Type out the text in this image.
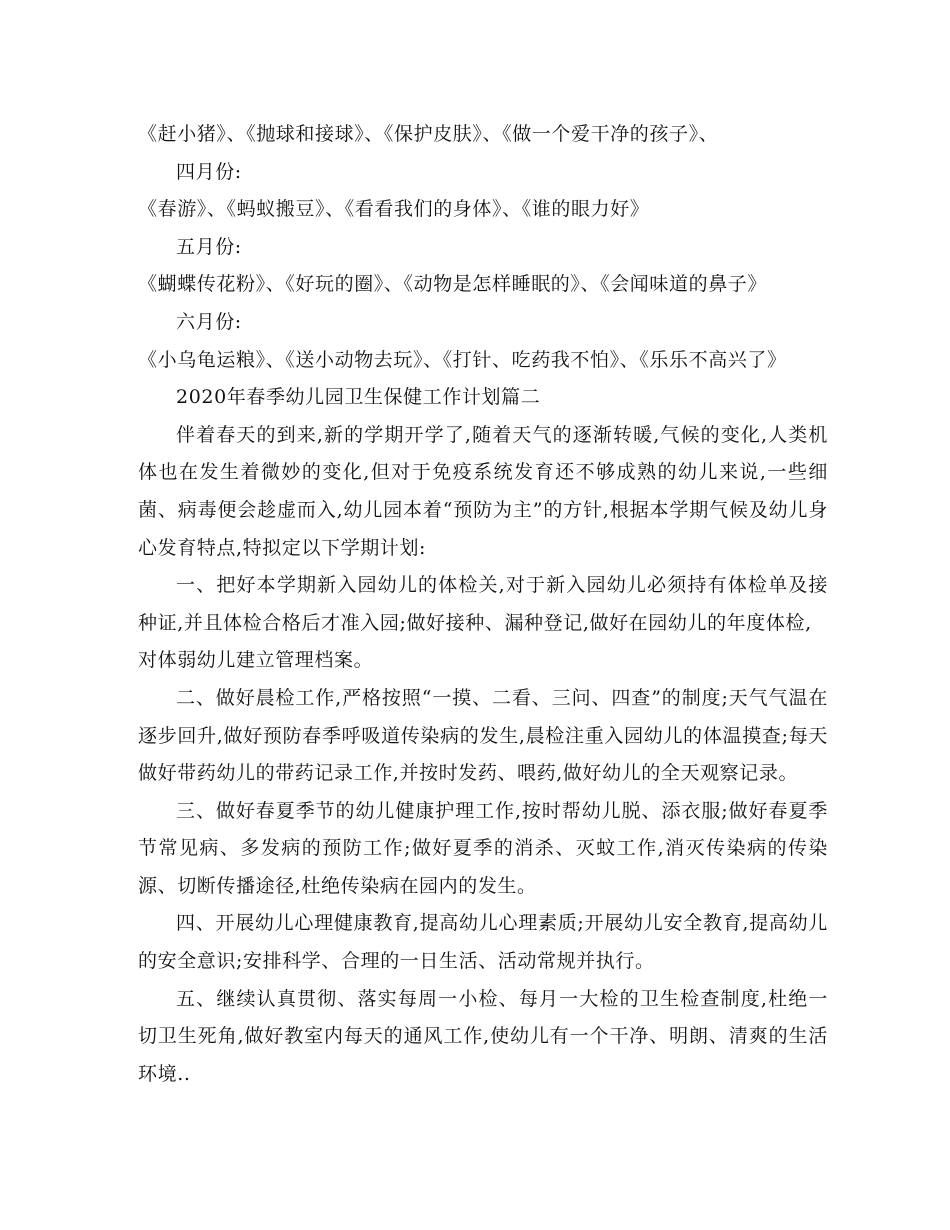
《赶小猪》、《抛球和接球》、《保护皮肤》、《做一个爱干净的孩子》、

四月份:

《春游》、《蚂蚁搬豆》、《看看我们的身体》、《谁的眼力好》

五月份:

《蝴蝶传花粉》、《好玩的圈》、《动物是怎样睡眠的》、《会闻味道的鼻子》

六月份:

《小乌龟运粮》、《送小动物去玩》、《打针、吃药我不怕》、《乐乐不高兴了》

2020年春季幼儿园卫生保健工作计划篇二

伴着春天的到来,新的学期开学了,随着天气的逐渐转暖,气候的变化,人类机体也在发生着微妙的变化,但对于免疫系统发育还不够成熟的幼儿来说,一些细菌、病毒便会趁虚而入,幼儿园本着“预防为主”的方针,根据本学期气候及幼儿身心发育特点,特拟定以下学期计划:

一、把好本学期新入园幼儿的体检关,对于新入园幼儿必须持有体检单及接种证,并且体检合格后才准入园;做好接种、漏种登记,做好在园幼儿的年度体检,

对体弱幼儿建立管理档案。

二、做好晨检工作,严格按照“一摸、二看、三问、四查”的制度;天气气温在逐步回升,做好预防春季呼吸道传染病的发生,晨检注重入园幼儿的体温摸查;每天做好带药幼儿的带药记录工作,并按时发药、喂药,做好幼儿的全天观察记录。

三、做好春夏季节的幼儿健康护理工作,按时帮幼儿脱、添衣服;做好春夏季节常见病、多发病的预防工作;做好夏季的消杀、灭蚊工作,消灭传染病的传染源、切断传播途径,杜绝传染病在园内的发生。

四、开展幼儿心理健康教育,提高幼儿心理素质;开展幼儿安全教育,提高幼儿的安全意识;安排科学、合理的一日生活、活动常规并执行。

五、继续认真贯彻、落实每周一小检、每月一大检的卫生检查制度,杜绝一切卫生死角,做好教室内每天的通风工作,使幼儿有一个干净、明朗、清爽的生活环境..
